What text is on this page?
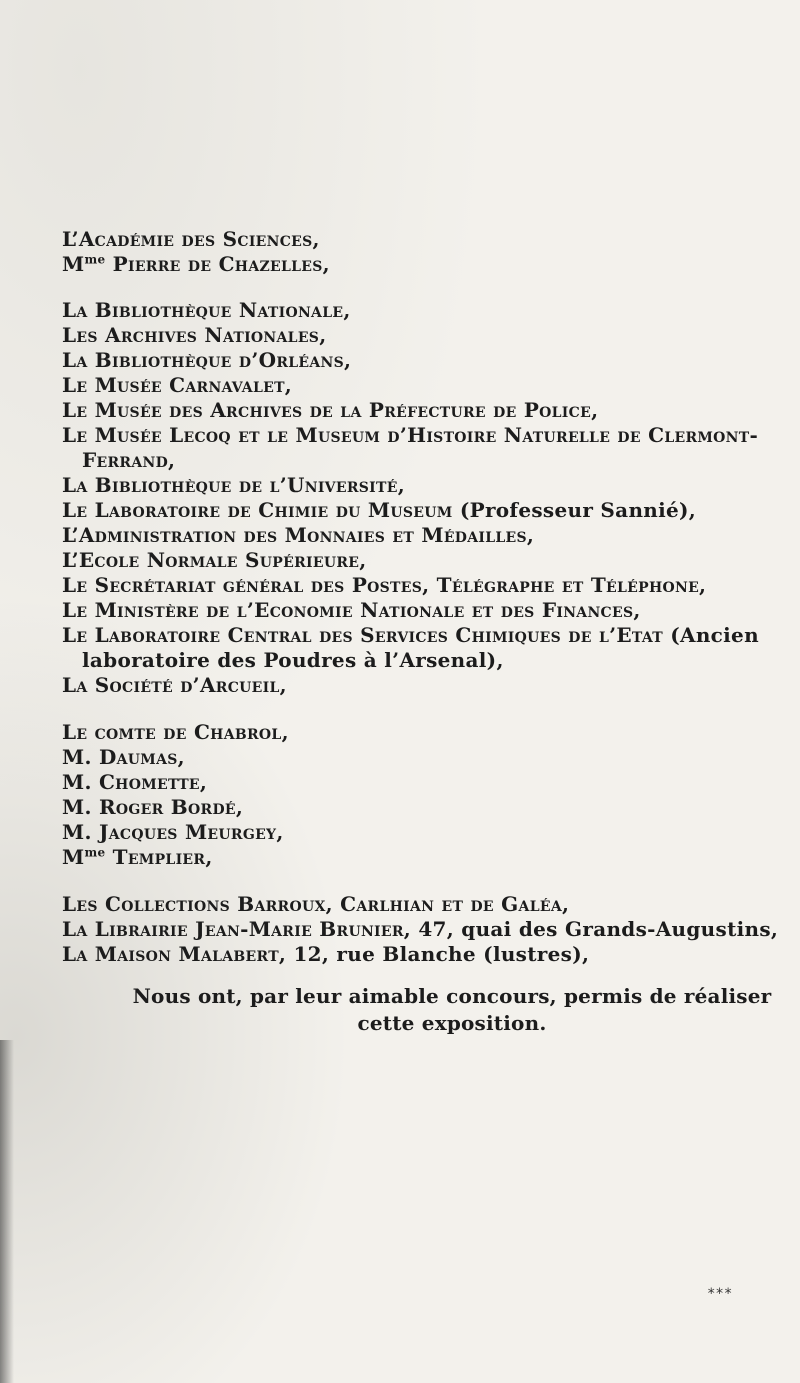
L’Académie des Sciences,
$M^{me}$ Pierre de Chazelles,
La Bibliothèque Nationale,
Les Archives Nationales,
La Bibliothèque d’Orléans,
Le Musée Carnavalet,
Le Musée des Archives de la Préfecture de Police,
Le Musée Lecoq et le Museum d’Histoire Naturelle de Clermont-
Ferrand,
La Bibliothèque de l’Université,
Le Laboratoire de Chimie du Museum (Professeur Sannié),
L’Administration des Monnaies et Médailles,
L’Ecole Normale Supérieure,
Le Secrétariat général des Postes, Télégraphe et Téléphone,
Le Ministère de l’Economie Nationale et des Finances,
Le Laboratoire Central des Services Chimiques de l’Etat (Ancien
laboratoire des Poudres à l’Arsenal),
La Société d’Arcueil,
Le comte de Chabrol,
M. Daumas,
M. Chomette,
M. Roger Bordé,
M. Jacques Meurgey,
$M^{me}$ Templier,
Les Collections Barroux, Carlhian et de Galéa,
La Librairie Jean-Marie Brunier, 47, quai des Grands-Augustins,
La Maison Malabert, 12, rue Blanche (lustres),
Nous ont, par leur aimable concours, permis de réaliser
cette exposition.
***
